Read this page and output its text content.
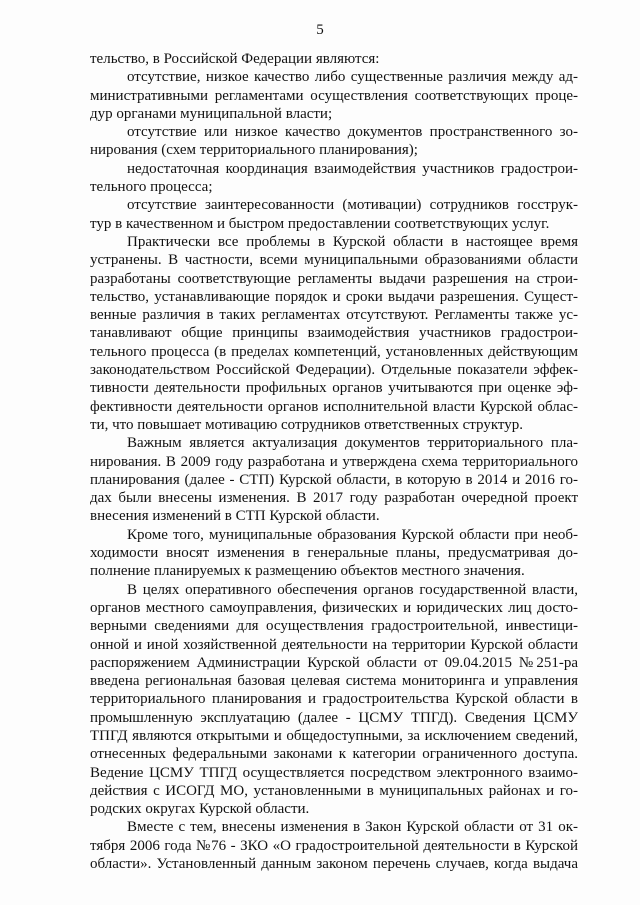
5
тельство, в Российской Федерации являются:
отсутствие, низкое качество либо существенные различия между ад-
министративными регламентами осуществления соответствующих проце-
дур органами муниципальной власти;
отсутствие или низкое качество документов пространственного зо-
нирования (схем территориального планирования);
недостаточная координация взаимодействия участников градострои-
тельного процесса;
отсутствие заинтересованности (мотивации) сотрудников госструк-
тур в качественном и быстром предоставлении соответствующих услуг.
Практически все проблемы в Курской области в настоящее время
устранены. В частности, всеми муниципальными образованиями области
разработаны соответствующие регламенты выдачи разрешения на строи-
тельство, устанавливающие порядок и сроки выдачи разрешения. Сущест-
венные различия в таких регламентах отсутствуют. Регламенты также ус-
танавливают общие принципы взаимодействия участников градострои-
тельного процесса (в пределах компетенций, установленных действующим
законодательством Российской Федерации). Отдельные показатели эффек-
тивности деятельности профильных органов учитываются при оценке эф-
фективности деятельности органов исполнительной власти Курской облас-
ти, что повышает мотивацию сотрудников ответственных структур.
Важным является актуализация документов территориального пла-
нирования. В 2009 году разработана и утверждена схема территориального
планирования (далее - СТП) Курской области, в которую в 2014 и 2016 го-
дах были внесены изменения. В 2017 году разработан очередной проект
внесения изменений в СТП Курской области.
Кроме того, муниципальные образования Курской области при необ-
ходимости вносят изменения в генеральные планы, предусматривая до-
полнение планируемых к размещению объектов местного значения.
В целях оперативного обеспечения органов государственной власти,
органов местного самоуправления, физических и юридических лиц досто-
верными сведениями для осуществления градостроительной, инвестици-
онной и иной хозяйственной деятельности на территории Курской области
распоряжением Администрации Курской области от 09.04.2015 №251-ра
введена региональная базовая целевая система мониторинга и управления
территориального планирования и градостроительства Курской области в
промышленную эксплуатацию (далее - ЦСМУ ТПГД). Сведения ЦСМУ
ТПГД являются открытыми и общедоступными, за исключением сведений,
отнесенных федеральными законами к категории ограниченного доступа.
Ведение ЦСМУ ТПГД осуществляется посредством электронного взаимо-
действия с ИСОГД МО, установленными в муниципальных районах и го-
родских округах Курской области.
Вместе с тем, внесены изменения в Закон Курской области от 31 ок-
тября 2006 года №76 - ЗКО «О градостроительной деятельности в Курской
области». Установленный данным законом перечень случаев, когда выдача
